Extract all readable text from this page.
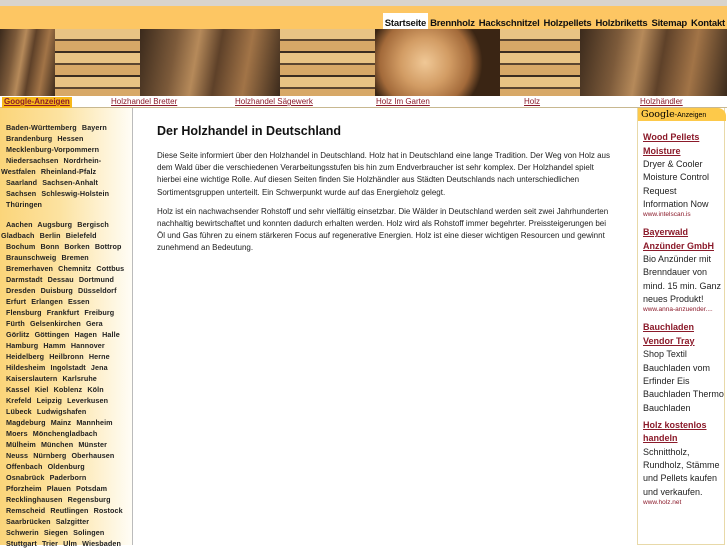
Startseite Brennholz Hackschnitzel Holzpellets Holzbriketts Sitemap Kontakt
Google-Anzeigen	Holzhandel Bretter	Holzhandel Sägewerk	Holz Im Garten	Holz	Holzhändler

Baden-Württemberg Bayern

Brandenburg Hessen

Mecklenburg-Vorpommern

Niedersachsen Nordrhein-

Westfalen Rheinland-Pfalz

Saarland Sachsen-Anhalt

Sachsen Schleswig-Holstein

Thüringen

Aachen Augsburg Bergisch

Gladbach Berlin Bielefeld

Bochum Bonn Borken Bottrop

Braunschweig Bremen

Bremerhaven Chemnitz Cottbus

Darmstadt Dessau Dortmund

Dresden Duisburg Düsseldorf

Erfurt Erlangen Essen

Flensburg Frankfurt Freiburg

Fürth Gelsenkirchen Gera

Görlitz Göttingen Hagen Halle

Hamburg Hamm Hannover

Heidelberg Heilbronn Herne

Hildesheim Ingolstadt Jena

Kaiserslautern Karlsruhe

Kassel Kiel Koblenz Köln

Krefeld Leipzig Leverkusen

Lübeck Ludwigshafen

Magdeburg Mainz Mannheim

Moers Mönchengladbach

Mülheim München Münster

Neuss Nürnberg Oberhausen

Offenbach Oldenburg

Osnabrück Paderborn

Pforzheim Plauen Potsdam

Recklinghausen Regensburg

Remscheid Reutlingen Rostock

Saarbrücken Salzgitter

Schwerin Siegen Solingen

Stuttgart Trier Ulm Wiesbaden

Der Holzhandel in Deutschland

Diese Seite informiert über den Holzhandel in Deutschland. Holz hat in Deutschland eine lange Tradition. Der Weg von Holz aus dem Wald über die verschiedenen Verarbeitungsstufen bis hin zum Endverbraucher ist sehr komplex. Der Holzhandel spielt hierbei eine wichtige Rolle. Auf diesen Seiten finden Sie Holzhändler aus Städten Deutschlands nach unterschiedlichen Sortimentsgruppen unterteilt. Ein Schwerpunkt wurde auf das Energieholz gelegt.

Holz ist ein nachwachsender Rohstoff und sehr vielfältig einsetzbar. Die Wälder in Deutschland werden seit zwei Jahrhunderten nachhaltig bewirtschaftet und konnten dadurch erhalten werden. Holz wird als Rohstoff immer begehrter. Preissteigerungen bei Öl und Gas führen zu einem stärkeren Focus auf regenerative Energien. Holz ist eine dieser wichtigen Resourcen und gewinnt zunehmend an Bedeutung.

Google-Anzeigen
Wood Pellets Moisture
Dryer & Cooler Moisture Control Request Information Now
www.intelscan.is
Bayerwald Anzünder GmbH
Bio Anzünder mit Brenndauer von mind. 15 min. Ganz neues Produkt!
www.anna-anzuender....
Bauchladen Vendor Tray
Shop Textil Bauchladen vom Erfinder Eis Bauchladen Thermo Bauchladen
Holz kostenlos handeln
Schnittholz, Rundholz, Stämme und Pellets kaufen und verkaufen.
www.holz.net
